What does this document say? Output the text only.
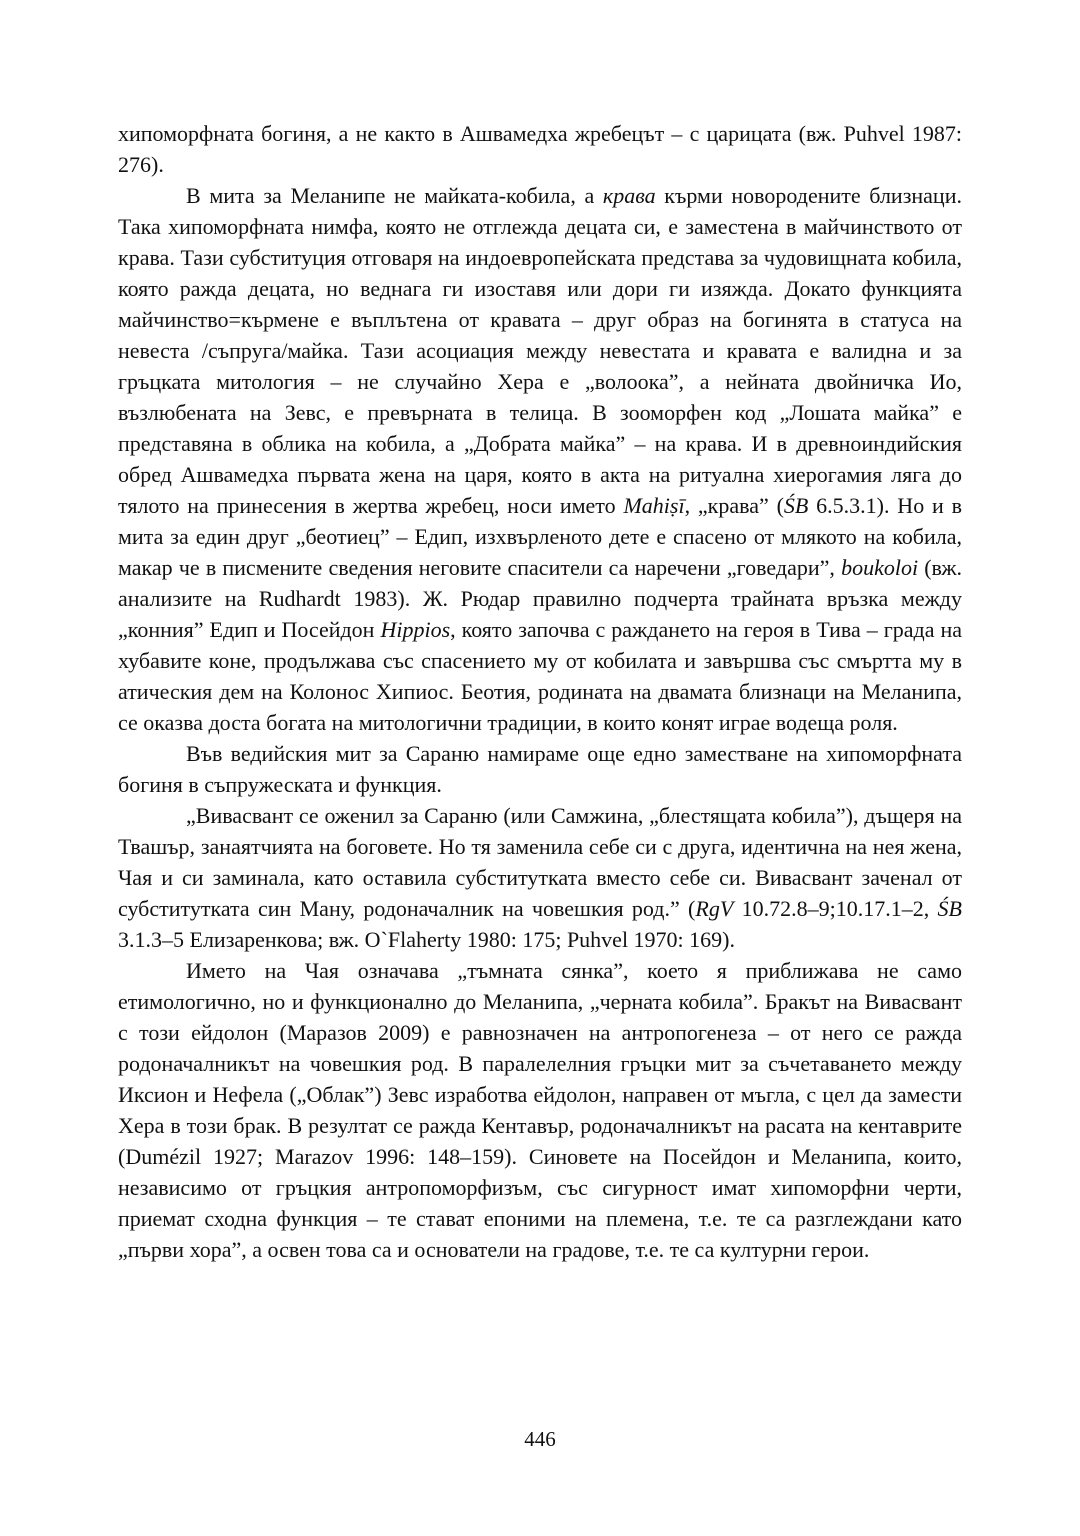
хипоморфната богиня, а не както в Ашвамедха жребецът – с царицата (вж. Puhvel 1987: 276).

В мита за Меланипе не майката-кобила, а крава кърми новородените близнаци. Така хипоморфната нимфа, която не отглежда децата си, е заместена в майчинството от крава. Тази субституция отговаря на индоевропейската представа за чудовищната кобила, която ражда децата, но веднага ги изоставя или дори ги изяжда. Докато функцията майчинство=кърмене е въплътена от кравата – друг образ на богинята в статуса на невеста /съпруга/майка. Тази асоциация между невестата и кравата е валидна и за гръцката митология – не случайно Хера е „волоока”, а нейната двойничка Ио, възлюбената на Зевс, е превърната в телица. В зооморфен код „Лошата майка” е представяна в облика на кобила, а „Добрата майка” – на крава. И в древноиндийския обред Ашвамедха първата жена на царя, която в акта на ритуална хиерогамия ляга до тялото на принесения в жертва жребец, носи името Mahiṣī, „крава” (ŚB 6.5.3.1). Но и в мита за един друг „беотиец” – Едип, изхвърленото дете е спасено от млякото на кобила, макар че в писмените сведения неговите спасители са наречени „говедари”, boukoloi (вж. анализите на Rudhardt 1983). Ж. Рюдар правилно подчерта трайната връзка между „конния” Едип и Посейдон Hippios, която започва с раждането на героя в Тива – града на хубавите коне, продължава със спасението му от кобилата и завършва със смъртта му в атическия дем на Колонос Хипиос. Беотия, родината на двамата близнаци на Меланипа, се оказва доста богата на митологични традиции, в които конят играе водеща роля.

Във ведийския мит за Сараню намираме още едно заместване на хипоморфната богиня в съпружеската и функция.

„Вивасвант се оженил за Сараню (или Самжина, „блестящата кобила”), дъщеря на Твашър, занаятчията на боговете. Но тя заменила себе си с друга, идентична на нея жена, Чая и си заминала, като оставила субститутката вместо себе си. Вивасвант заченал от субститутката син Ману, родоначалник на човешкия род.” (RgV 10.72.8–9;10.17.1–2, ŚB 3.1.3–5 Елизаренкова; вж. O`Flaherty 1980: 175; Puhvel 1970: 169).

Името на Чая означава „тъмната сянка”, което я приближава не само етимологично, но и функционално до Меланипа, „черната кобила”. Бракът на Вивасвант с този ейдолон (Маразов 2009) е равнозначен на антропогенеза – от него се ражда родоначалникът на човешкия род. В паралелелния гръцки мит за съчетаването между Иксион и Нефела („Облак”) Зевс изработва ейдолон, направен от мъгла, с цел да замести Хера в този брак. В резултат се ражда Кентавър, родоначалникът на расата на кентаврите (Dumézil 1927; Marazov 1996: 148–159). Синовете на Посейдон и Меланипа, които, независимо от гръцкия антропоморфизъм, със сигурност имат хипоморфни черти, приемат сходна функция – те стават епоними на племена, т.е. те са разглеждани като „първи хора”, а освен това са и основатели на градове, т.е. те са културни герои.

446
